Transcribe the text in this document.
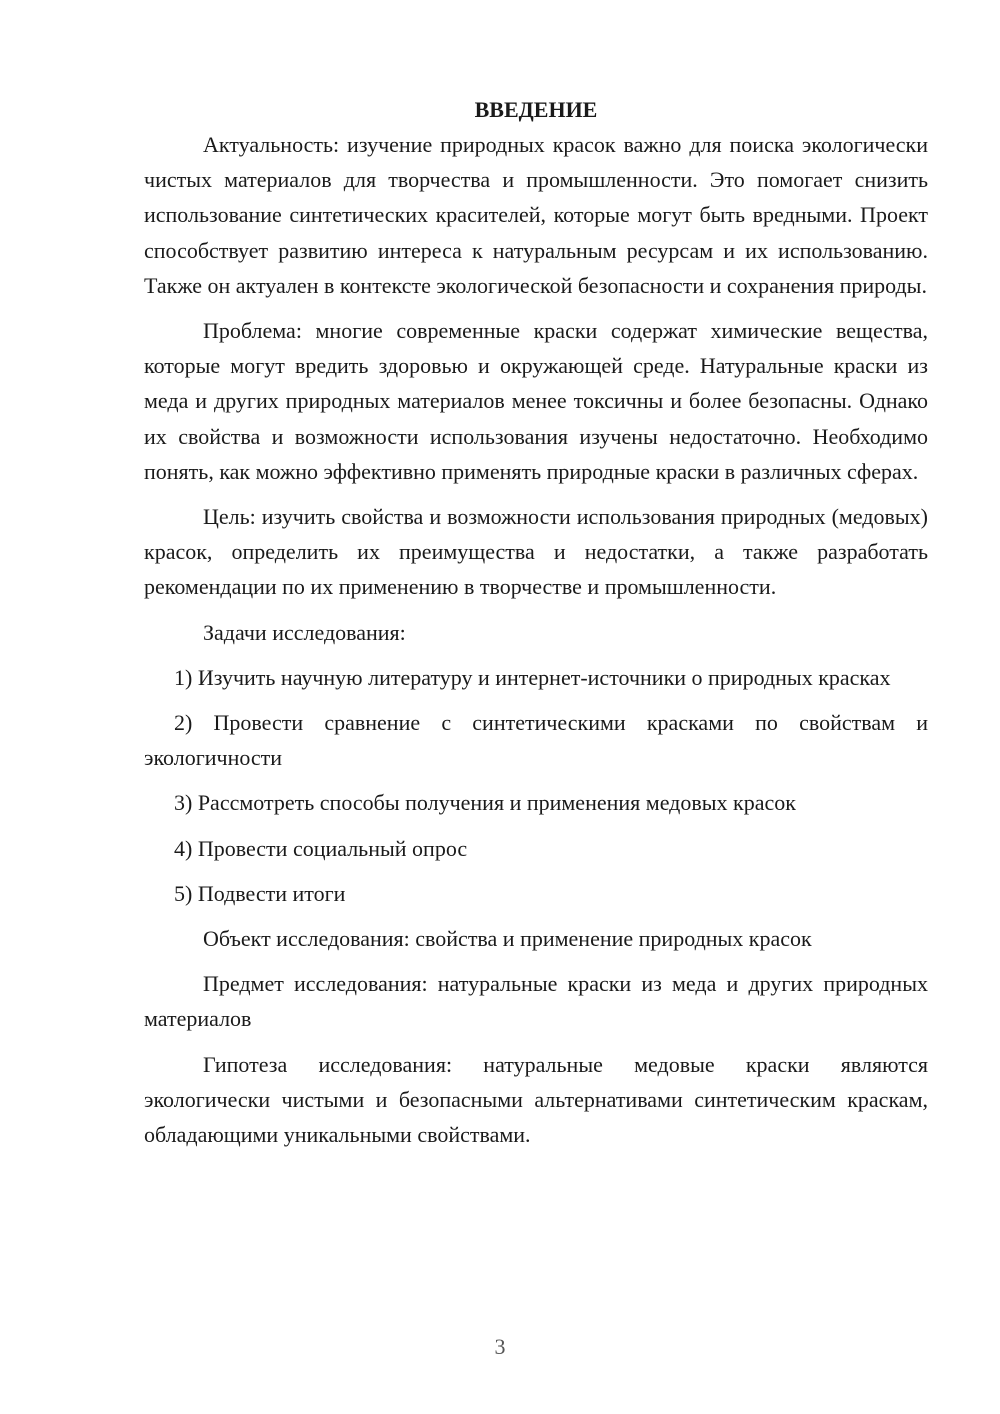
ВВЕДЕНИЕ

Актуальность: изучение природных красок важно для поиска экологически чистых материалов для творчества и промышленности. Это помогает снизить использование синтетических красителей, которые могут быть вредными. Проект способствует развитию интереса к натуральным ресурсам и их использованию. Также он актуален в контексте экологической безопасности и сохранения природы.

Проблема: многие современные краски содержат химические вещества, которые могут вредить здоровью и окружающей среде. Натуральные краски из меда и других природных материалов менее токсичны и более безопасны. Однако их свойства и возможности использования изучены недостаточно. Необходимо понять, как можно эффективно применять природные краски в различных сферах.

Цель: изучить свойства и возможности использования природных (медовых) красок, определить их преимущества и недостатки, а также разработать рекомендации по их применению в творчестве и промышленности.

Задачи исследования:

1) Изучить научную литературу и интернет-источники о природных красках

2) Провести сравнение с синтетическими красками по свойствам и экологичности

3) Рассмотреть способы получения и применения медовых красок

4) Провести социальный опрос

5) Подвести итоги

Объект исследования: свойства и применение природных красок

Предмет исследования: натуральные краски из меда и других природных материалов

Гипотеза исследования: натуральные медовые краски являются экологически чистыми и безопасными альтернативами синтетическим краскам, обладающими уникальными свойствами.

3
